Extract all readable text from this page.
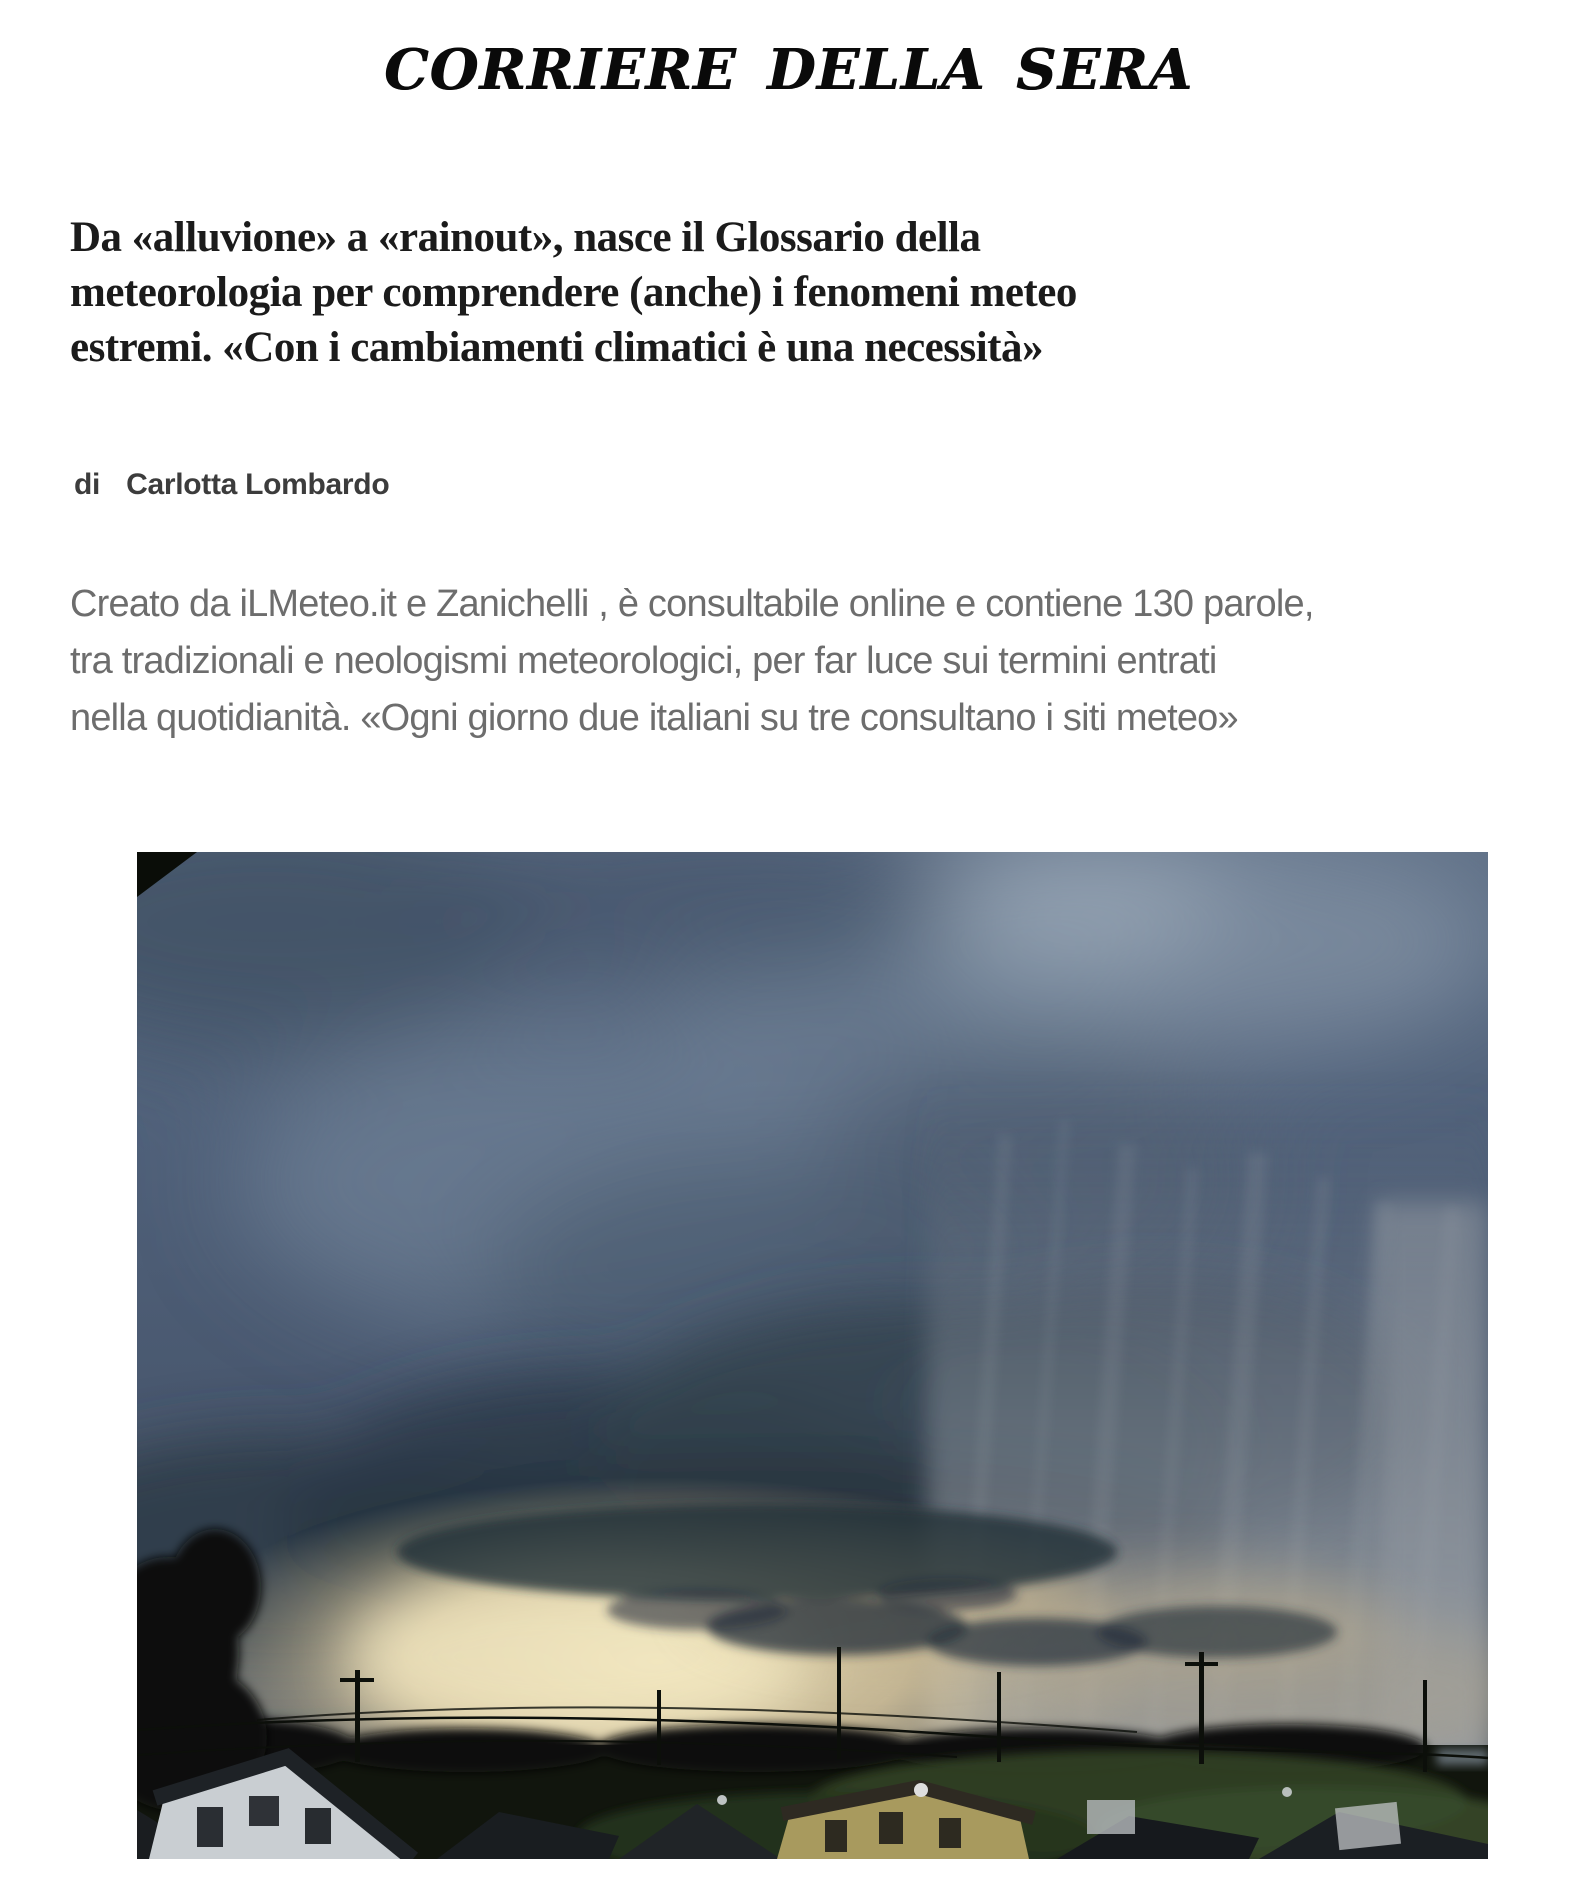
CORRIERE DELLA SERA
Da «alluvione» a «rainout», nasce il Glossario della
meteorologia per comprendere (anche) i fenomeni meteo
estremi. «Con i cambiamenti climatici è una necessità»
di Carlotta Lombardo

Creato da iLMeteo.it e Zanichelli , è consultabile online e contiene 130 parole,
tra tradizionali e neologismi meteorologici, per far luce sui termini entrati
nella quotidianità. «Ogni giorno due italiani su tre consultano i siti meteo»
